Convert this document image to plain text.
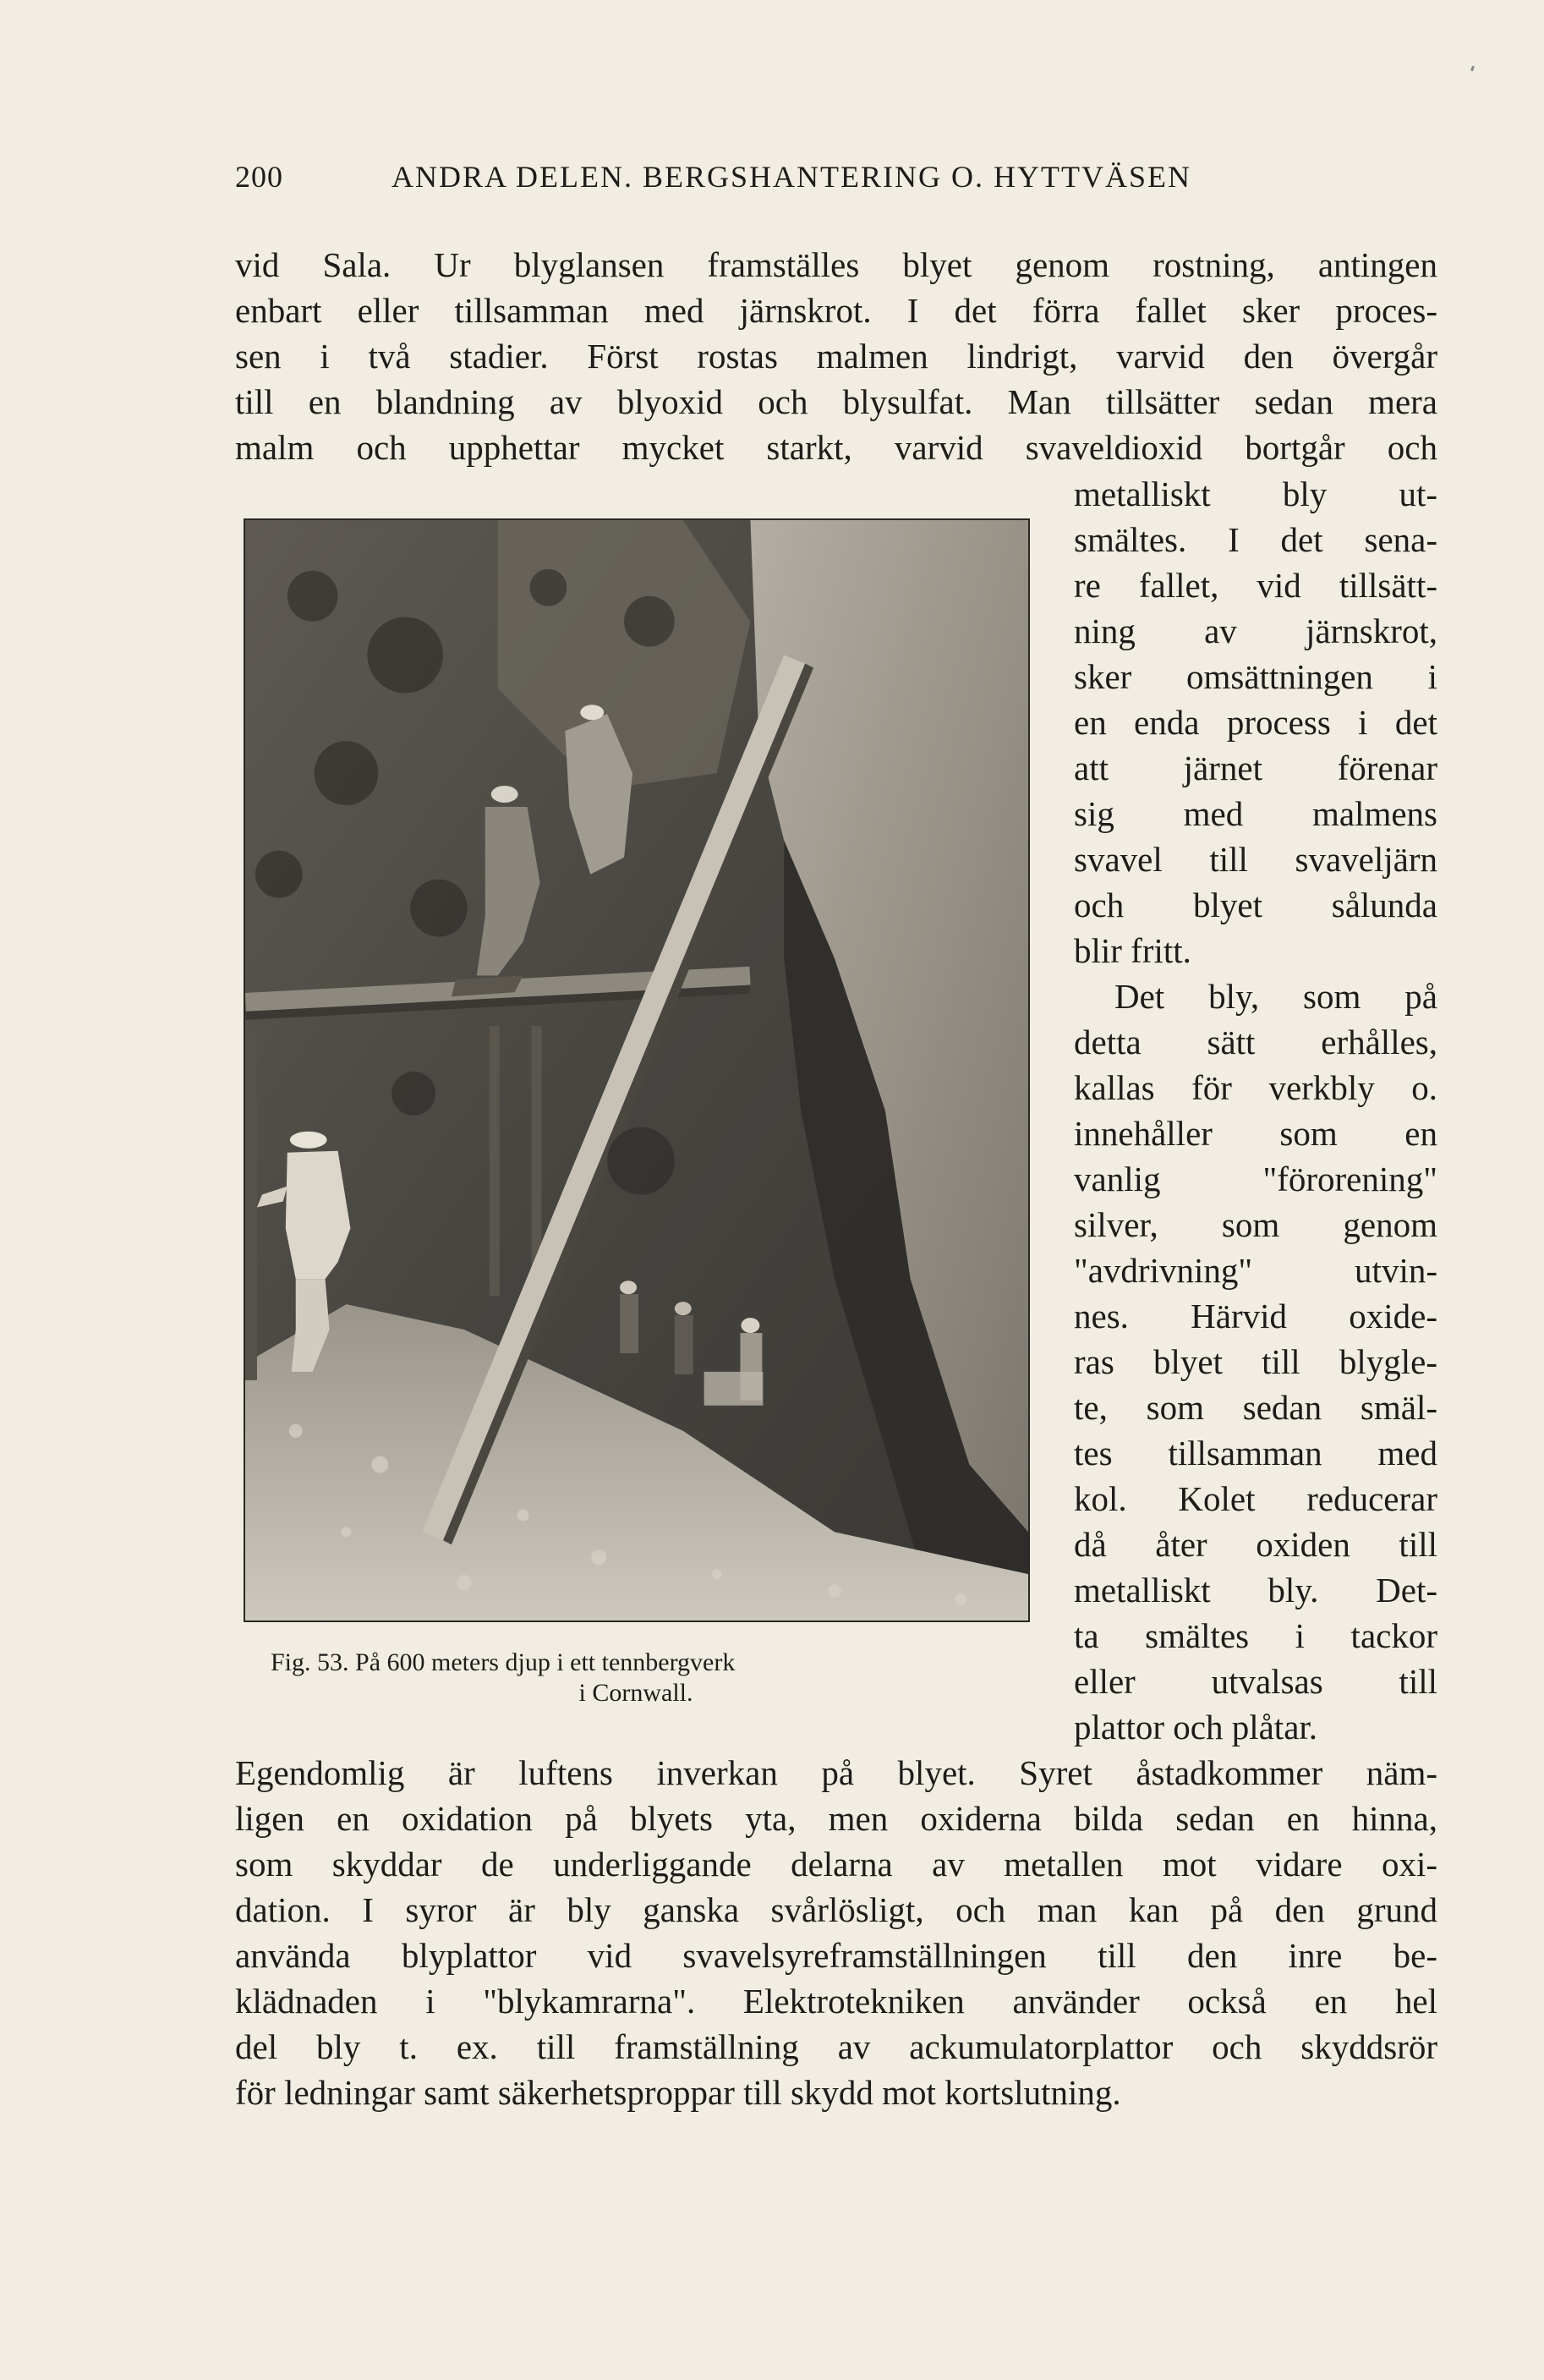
200	ANDRA DELEN. BERGSHANTERING O. HYTTVÄSEN
vid Sala. Ur blyglansen framställes blyet genom rostning, antingen
enbart eller tillsamman med järnskrot. I det förra fallet sker proces-
sen i två stadier. Först rostas malmen lindrigt, varvid den övergår
till en blandning av blyoxid och blysulfat. Man tillsätter sedan mera
malm och upphettar mycket starkt, varvid svaveldioxid bortgår och
metalliskt bly ut-
smältes. I det sena-
re fallet, vid tillsätt-
ning av järnskrot,
sker omsättningen i
en enda process i det
att järnet förenar
sig med malmens
svavel till svaveljärn
och blyet sålunda
blir fritt.
Det bly, som på
detta sätt erhålles,
kallas för verkbly o.
innehåller som en
vanlig "förorening"
silver, som genom
"avdrivning" utvin-
nes. Härvid oxide-
ras blyet till blygle-
te, som sedan smäl-
tes tillsamman med
kol. Kolet reducerar
då åter oxiden till
metalliskt bly. Det-
ta smältes i tackor
eller utvalsas till
plattor och plåtar.
Fig. 53. På 600 meters djup i ett tennbergverk
i Cornwall.
Egendomlig är luftens inverkan på blyet. Syret åstadkommer näm-
ligen en oxidation på blyets yta, men oxiderna bilda sedan en hinna,
som skyddar de underliggande delarna av metallen mot vidare oxi-
dation. I syror är bly ganska svårlösligt, och man kan på den grund
använda blyplattor vid svavelsyreframställningen till den inre be-
klädnaden i "blykamrarna". Elektrotekniken använder också en hel
del bly t. ex. till framställning av ackumulatorplattor och skyddsrör
för ledningar samt säkerhetsproppar till skydd mot kortslutning.
